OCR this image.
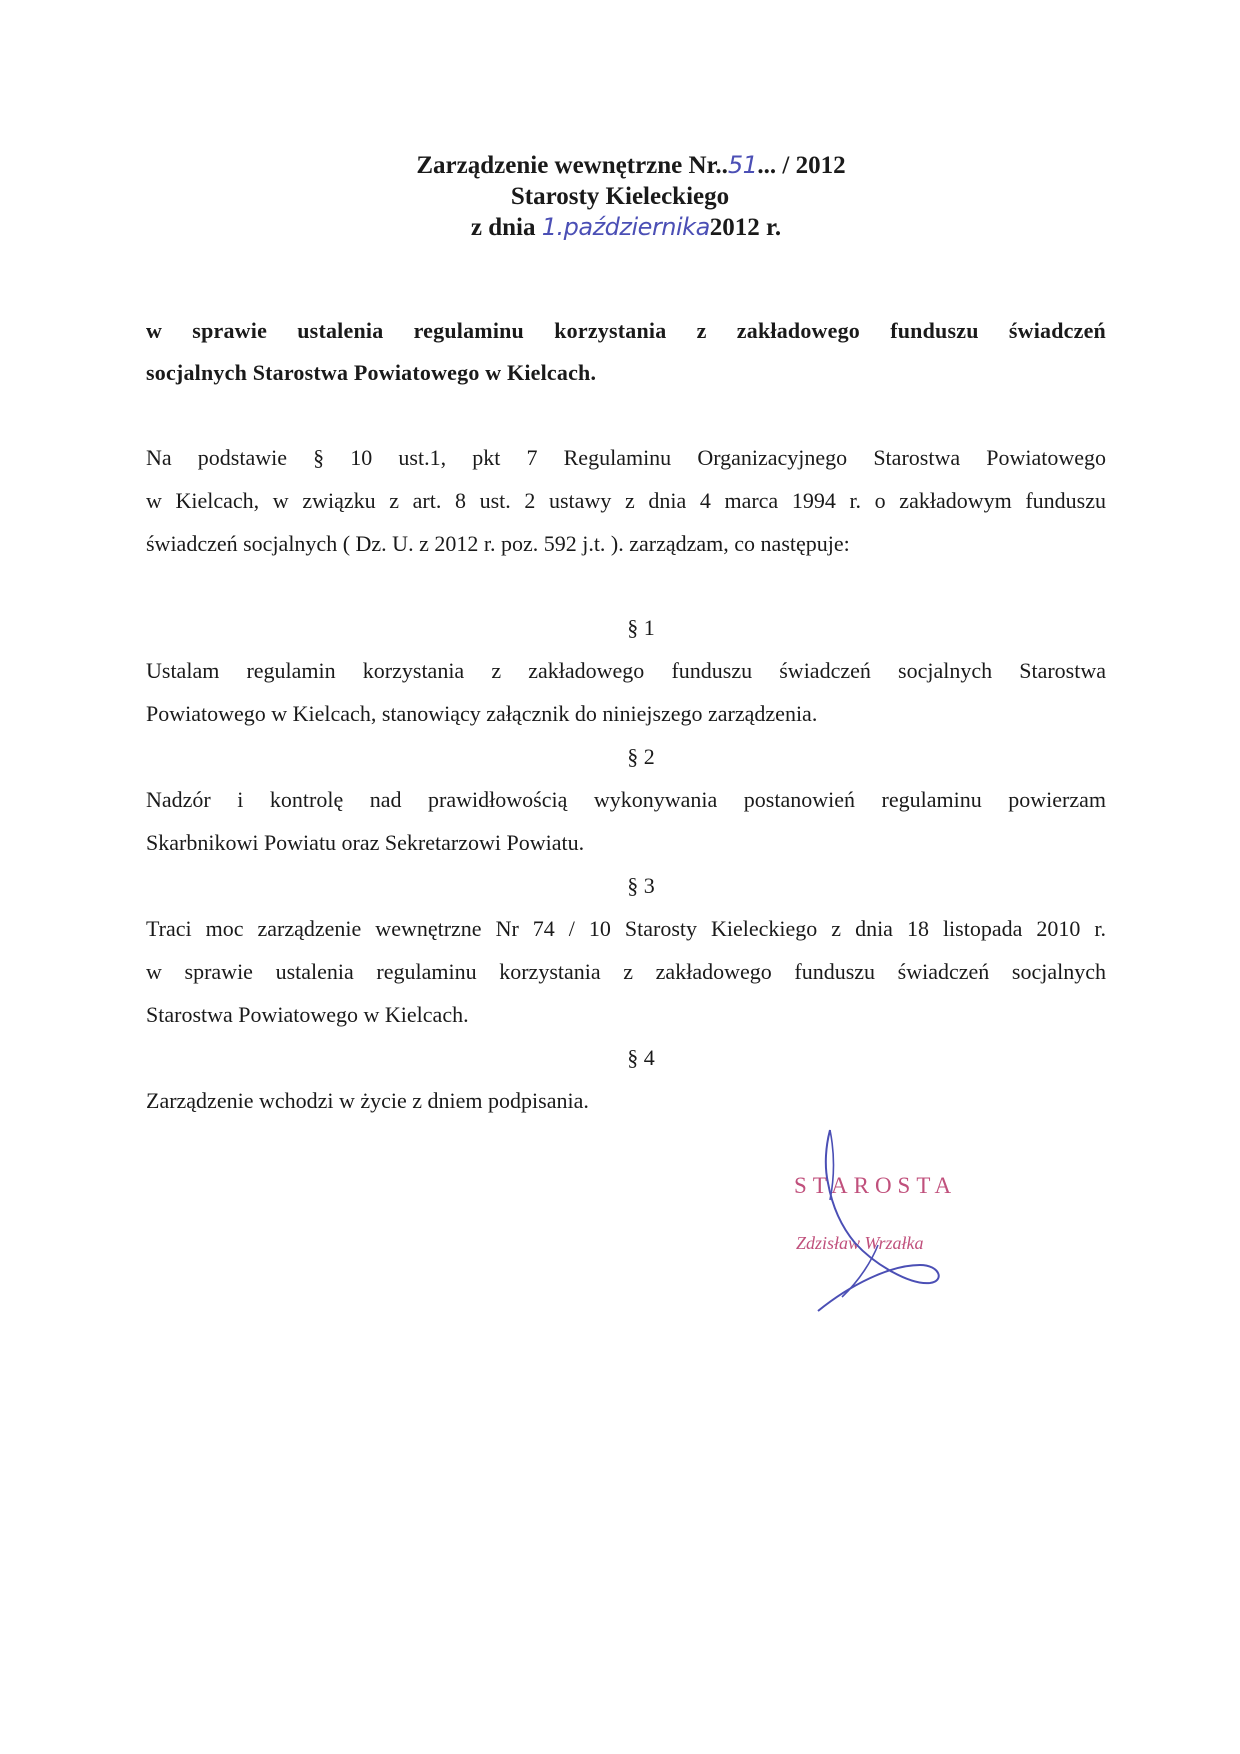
Zarządzenie wewnętrzne Nr..51... / 2012
Starosty Kieleckiego
z dnia 1.października2012 r.
w sprawie ustalenia regulaminu korzystania z zakładowego funduszu świadczeń
socjalnych Starostwa Powiatowego w Kielcach.
Na podstawie § 10 ust.1, pkt 7 Regulaminu Organizacyjnego Starostwa Powiatowego
w Kielcach, w związku z art. 8 ust. 2 ustawy z dnia 4 marca 1994 r. o zakładowym funduszu
świadczeń socjalnych ( Dz. U. z 2012 r. poz. 592 j.t. ). zarządzam, co następuje:
§ 1
Ustalam regulamin korzystania z zakładowego funduszu świadczeń socjalnych Starostwa
Powiatowego w Kielcach, stanowiący załącznik do niniejszego zarządzenia.
§ 2
Nadzór i kontrolę nad prawidłowością wykonywania postanowień regulaminu powierzam
Skarbnikowi Powiatu oraz Sekretarzowi Powiatu.
§ 3
Traci moc zarządzenie wewnętrzne Nr 74 / 10 Starosty Kieleckiego z dnia 18 listopada 2010 r.
w sprawie ustalenia regulaminu korzystania z zakładowego funduszu świadczeń socjalnych
Starostwa Powiatowego w Kielcach.
§ 4
Zarządzenie wchodzi w życie z dniem podpisania.
STAROSTA
Zdzisław Wrzałka
